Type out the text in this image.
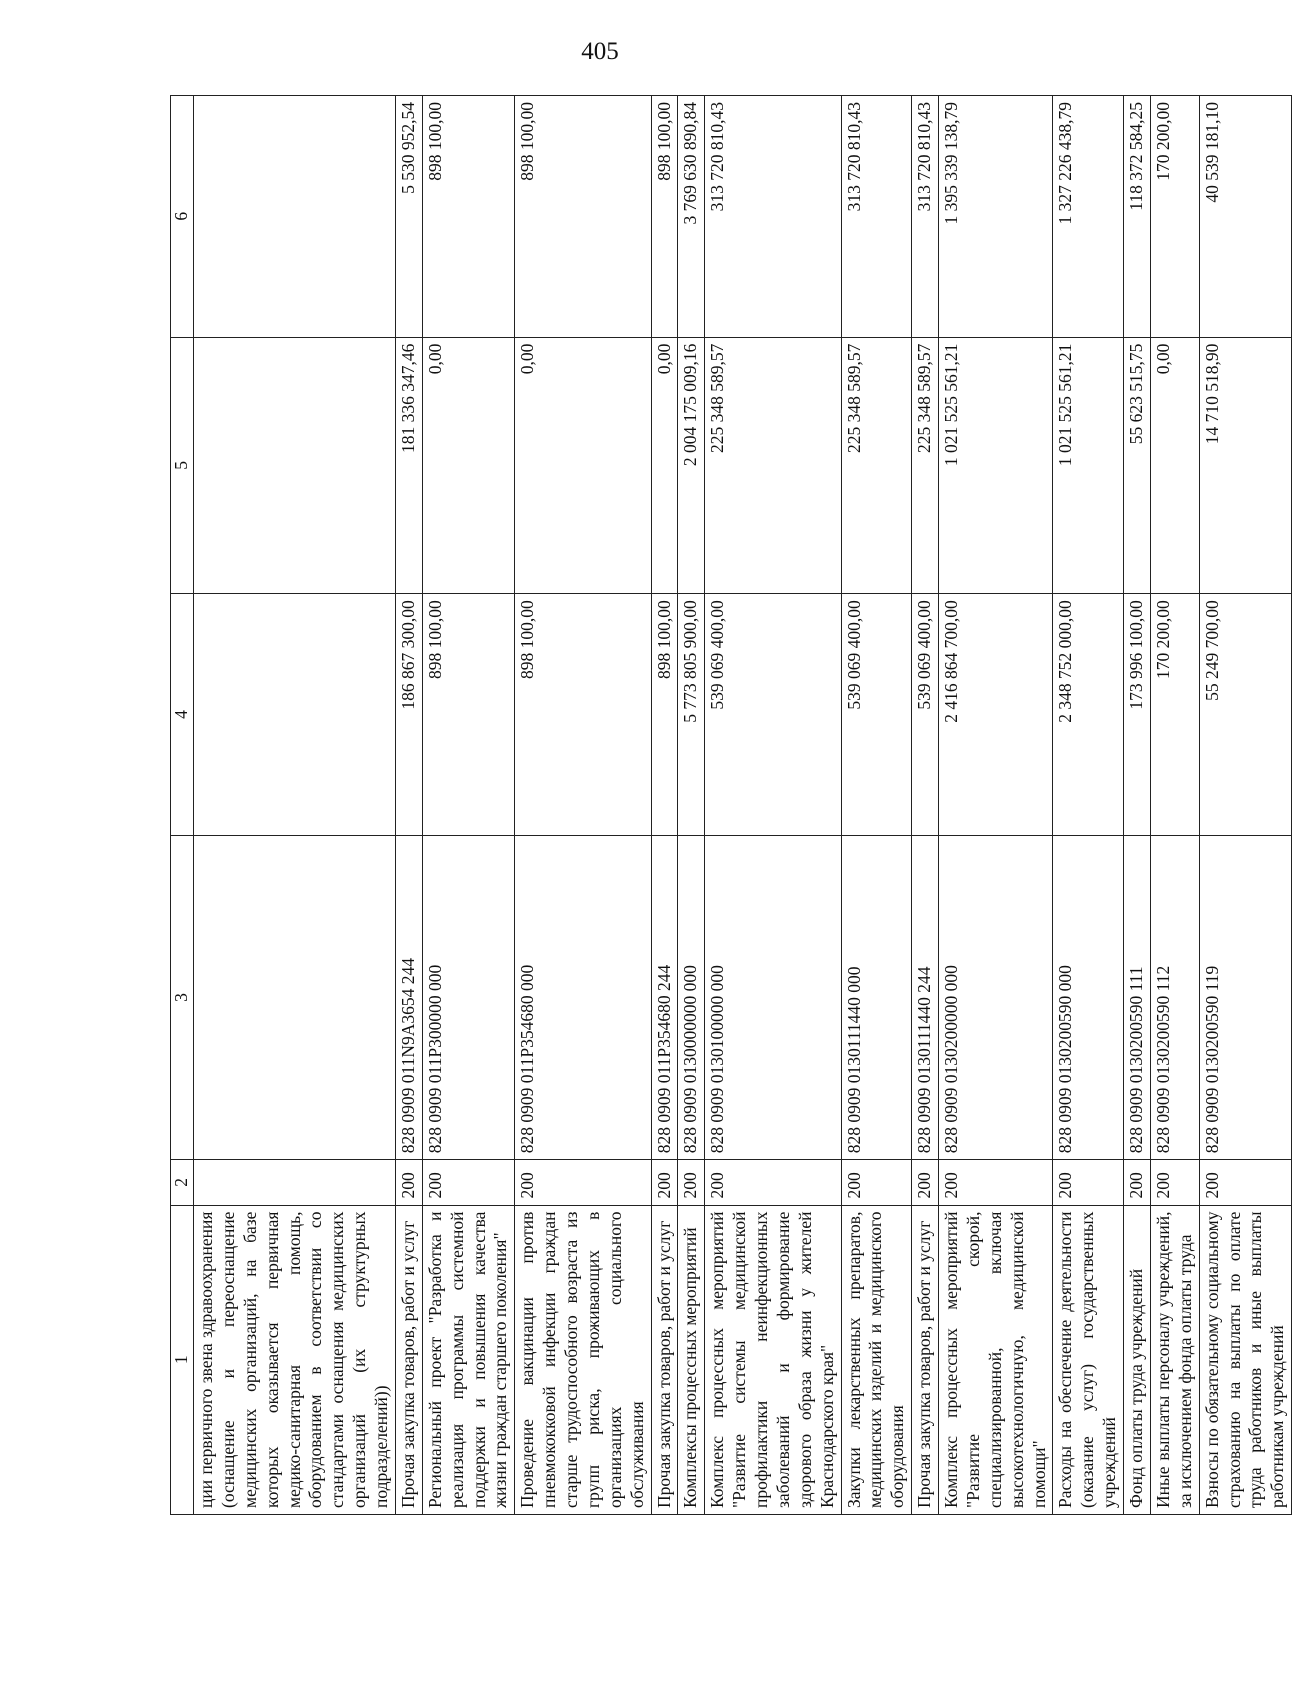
405
1	2	3	4	5	6
ции первичного звена здравоохранения (оснащение и переоснащение медицинских организаций, на базе которых оказывается первичная медико-санитарная помощь, оборудованием в соответствии со стандартами оснащения медицинских организаций (их структурных подразделений))					
Прочая закупка товаров, работ и услуг	200	828 0909 011N9A3654 244	186 867 300,00	181 336 347,46	5 530 952,54
Региональный проект "Разработка и реализация программы системной поддержки и повышения качества жизни граждан старшего поколения"	200	828 0909 011P300000 000	898 100,00	0,00	898 100,00
Проведение вакцинации против пневмококковой инфекции граждан старше трудоспособного возраста из групп риска, проживающих в организациях социального обслуживания	200	828 0909 011P354680 000	898 100,00	0,00	898 100,00
Прочая закупка товаров, работ и услуг	200	828 0909 011P354680 244	898 100,00	0,00	898 100,00
Комплексы процессных мероприятий	200	828 0909 0130000000 000	5 773 805 900,00	2 004 175 009,16	3 769 630 890,84
Комплекс процессных мероприятий "Развитие системы медицинской профилактики неинфекционных заболеваний и формирование здорового образа жизни у жителей Краснодарского края"	200	828 0909 0130100000 000	539 069 400,00	225 348 589,57	313 720 810,43
Закупки лекарственных препаратов, медицинских изделий и медицинского оборудования	200	828 0909 0130111440 000	539 069 400,00	225 348 589,57	313 720 810,43
Прочая закупка товаров, работ и услуг	200	828 0909 0130111440 244	539 069 400,00	225 348 589,57	313 720 810,43
Комплекс процессных мероприятий "Развитие скорой, специализированной, включая высокотехнологичную, медицинской помощи"	200	828 0909 0130200000 000	2 416 864 700,00	1 021 525 561,21	1 395 339 138,79
Расходы на обеспечение деятельности (оказание услуг) государственных учреждений	200	828 0909 0130200590 000	2 348 752 000,00	1 021 525 561,21	1 327 226 438,79
Фонд оплаты труда учреждений	200	828 0909 0130200590 111	173 996 100,00	55 623 515,75	118 372 584,25
Иные выплаты персоналу учреждений, за исключением фонда оплаты труда	200	828 0909 0130200590 112	170 200,00	0,00	170 200,00
Взносы по обязательному социальному страхованию на выплаты по оплате труда работников и иные выплаты работникам учреждений	200	828 0909 0130200590 119	55 249 700,00	14 710 518,90	40 539 181,10
